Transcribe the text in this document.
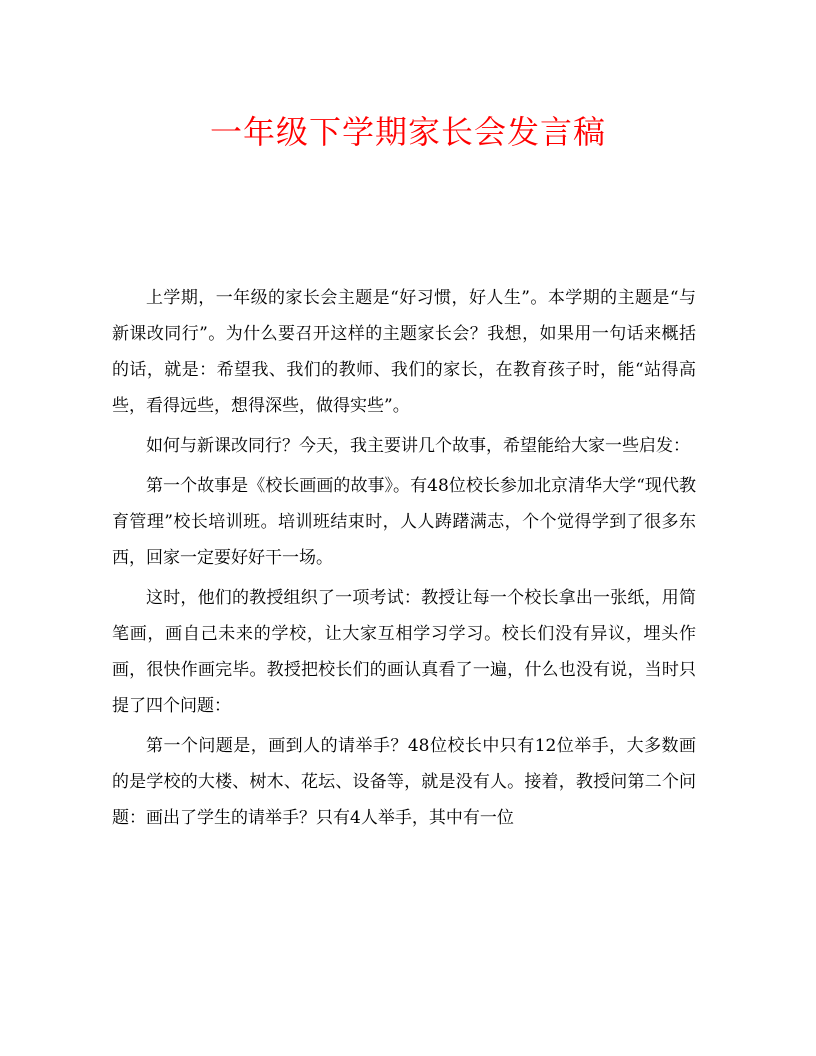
一年级下学期家长会发言稿

上学期，一年级的家长会主题是“好习惯，好人生”。本学期的主题是“与新课改同行”。为什么要召开这样的主题家长会？我想，如果用一句话来概括的话，就是：希望我、我们的教师、我们的家长，在教育孩子时，能“站得高些，看得远些，想得深些，做得实些”。

如何与新课改同行？今天，我主要讲几个故事，希望能给大家一些启发：

第一个故事是《校长画画的故事》。有48位校长参加北京清华大学“现代教育管理”校长培训班。培训班结束时，人人踌躇满志，个个觉得学到了很多东西，回家一定要好好干一场。

这时，他们的教授组织了一项考试：教授让每一个校长拿出一张纸，用简笔画，画自己未来的学校，让大家互相学习学习。校长们没有异议，埋头作画，很快作画完毕。教授把校长们的画认真看了一遍，什么也没有说，当时只提了四个问题：

第一个问题是，画到人的请举手？48位校长中只有12位举手，大多数画的是学校的大楼、树木、花坛、设备等，就是没有人。接着，教授问第二个问题：画出了学生的请举手？只有4人举手，其中有一位
